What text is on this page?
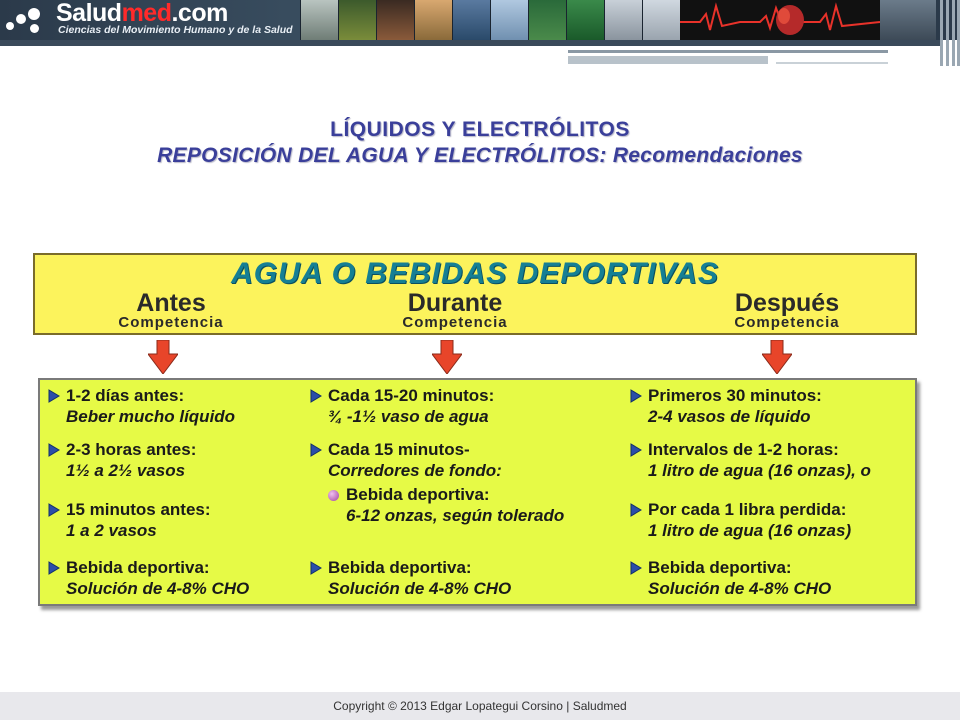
Saludmed.com
Ciencias del Movimiento Humano y de la Salud
LÍQUIDOS Y ELECTRÓLITOS
REPOSICIÓN DEL AGUA Y ELECTRÓLITOS: Recomendaciones
AGUA O BEBIDAS DEPORTIVAS
Antes
Competencia
Durante
Competencia
Después
Competencia
1-2 días antes:
Beber mucho líquido
2-3 horas antes:
1½ a 2½ vasos
15 minutos antes:
1 a 2 vasos
Bebida deportiva:
Solución de 4-8% CHO
Cada 15-20 minutos:
¾ -1½ vaso de agua
Cada 15 minutos-
Corredores de fondo:
Bebida deportiva:
6-12 onzas, según tolerado
Bebida deportiva:
Solución de 4-8% CHO
Primeros 30 minutos:
2-4 vasos de líquido
Intervalos de 1-2 horas:
1 litro de agua (16 onzas), o
Por cada 1 libra perdida:
1 litro de agua (16 onzas)
Bebida deportiva:
Solución de 4-8% CHO
Copyright © 2013 Edgar Lopategui Corsino | Saludmed
